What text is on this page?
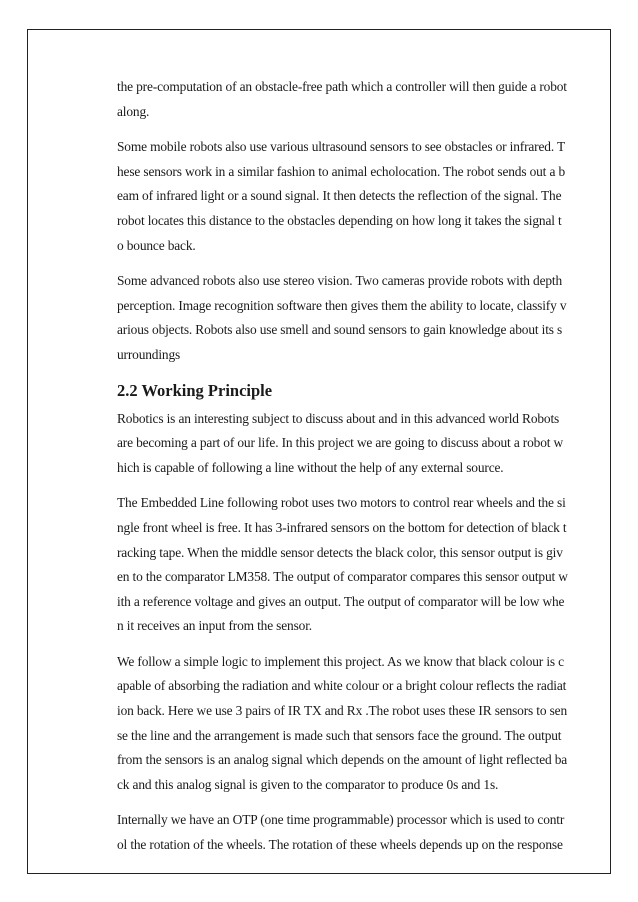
the pre-computation of an obstacle-free path which a controller will then guide a robot
along.
Some mobile robots also use various ultrasound sensors to see obstacles or infrared. T
hese sensors work in a similar fashion to animal echolocation. The robot sends out a b
eam of infrared light or a sound signal. It then detects the reflection of the signal. The
robot locates this distance to the obstacles depending on how long it takes the signal t
o bounce back.
Some advanced robots also use stereo vision. Two cameras provide robots with depth
perception. Image recognition software then gives them the ability to locate, classify v
arious objects. Robots also use smell and sound sensors to gain knowledge about its s
urroundings
2.2 Working Principle
Robotics is an interesting subject to discuss about and in this advanced world Robots
are becoming a part of our life. In this project we are going to discuss about a robot w
hich is capable of following a line without the help of any external source.
The Embedded Line following robot uses two motors to control rear wheels and the si
ngle front wheel is free. It has 3-infrared sensors on the bottom for detection of black t
racking tape. When the middle sensor detects the black color, this sensor output is giv
en to the comparator LM358. The output of comparator compares this sensor output w
ith a reference voltage and gives an output. The output of comparator will be low whe
n it receives an input from the sensor.
We follow a simple logic to implement this project. As we know that black colour is c
apable of absorbing the radiation and white colour or a bright colour reflects the radiat
ion back. Here we use 3 pairs of IR TX and Rx .The robot uses these IR sensors to sen
se the line and the arrangement is made such that sensors face the ground. The output
from the sensors is an analog signal which depends on the amount of light reflected ba
ck and this analog signal is given to the comparator to produce 0s and 1s.
Internally we have an OTP (one time programmable) processor which is used to contr
ol the rotation of the wheels. The rotation of these wheels depends up on the response
